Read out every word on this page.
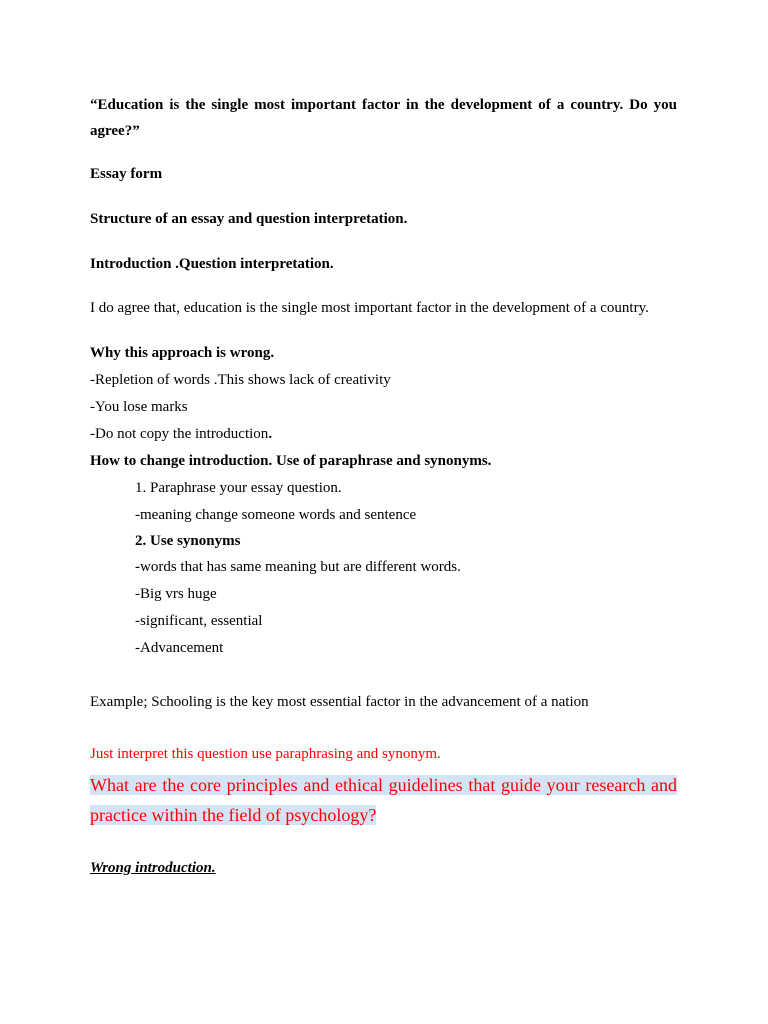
“Education is the single most important factor in the development of a country. Do you
agree?”
Essay form
Structure of an essay and question interpretation.
Introduction .Question interpretation.
I do agree that, education is the single most important factor in the development of a country.
Why this approach is wrong.
-Repletion of words .This shows lack of creativity
-You lose marks
-Do not copy the introduction.
How to change introduction. Use of paraphrase and synonyms.
1. Paraphrase your essay question.
-meaning change someone words and sentence
2. Use synonyms
-words that has same meaning but are different words.
-Big vrs huge
-significant, essential
-Advancement
Example; Schooling is the key most essential factor in the advancement of a nation
Just interpret this question use paraphrasing and synonym.
What are the core principles and ethical guidelines that guide your research and
practice within the field of psychology?
Wrong introduction.
